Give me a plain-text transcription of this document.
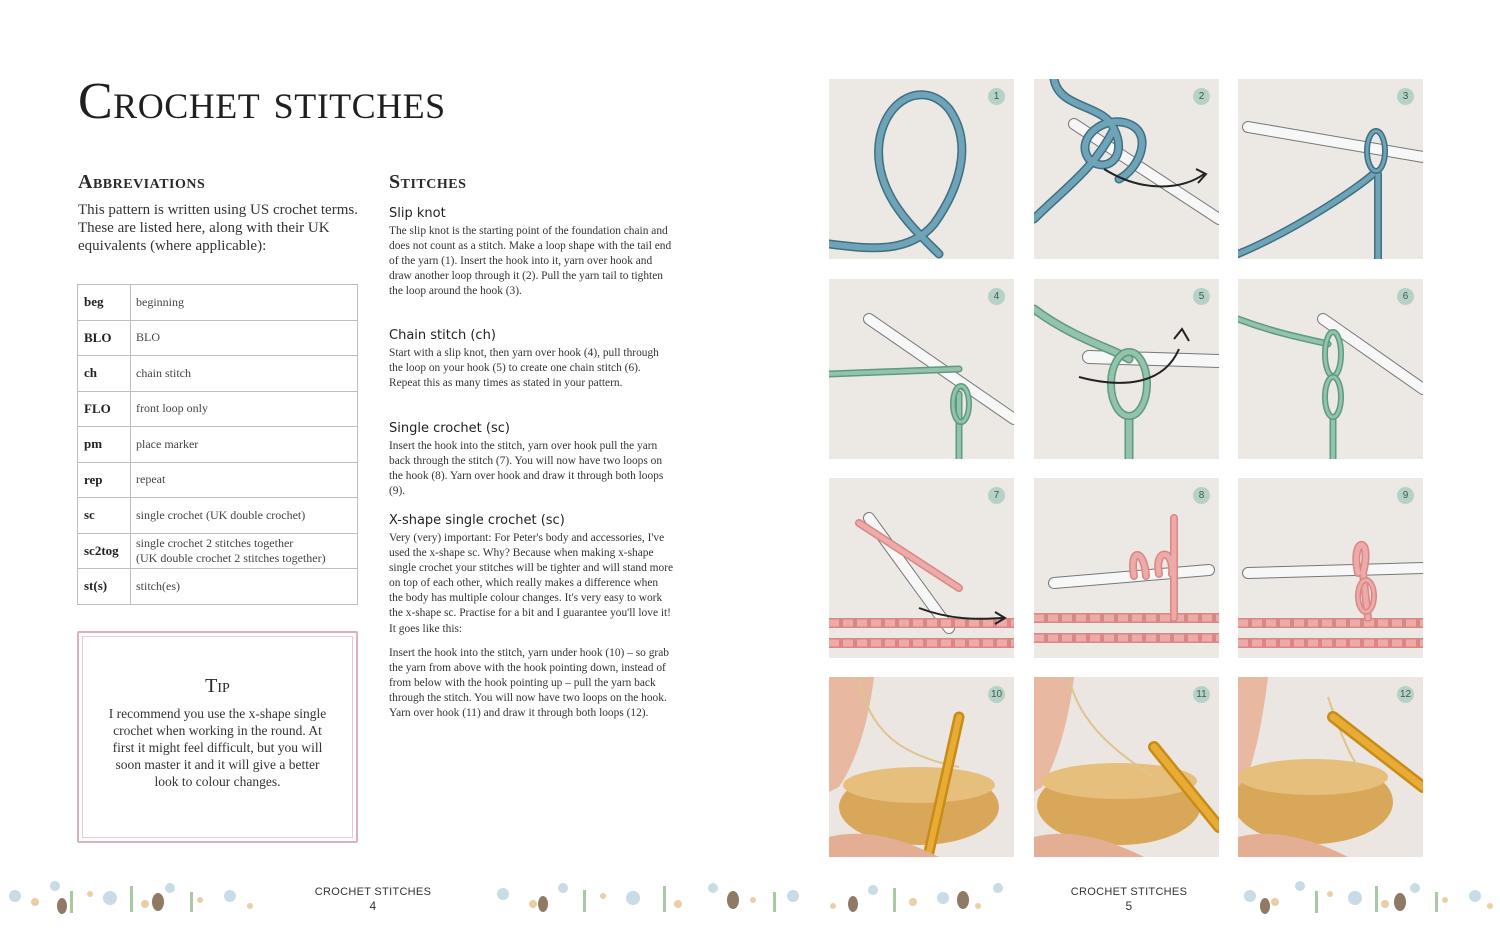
Crochet stitches
Abbreviations

This pattern is written using US crochet terms. These are listed here, along with their UK equivalents (where applicable):

beg	beginning
BLO	BLO
ch	chain stitch
FLO	front loop only
pm	place marker
rep	repeat
sc	single crochet (UK double crochet)
sc2tog	single crochet 2 stitches together
(UK double crochet 2 stitches together)
st(s)	stitch(es)
Tip

I recommend you use the x-shape single crochet when working in the round. At first it might feel difficult, but you will soon master it and it will give a better look to colour changes.

Stitches
Slip knot

The slip knot is the starting point of the foundation chain and does not count as a stitch. Make a loop shape with the tail end of the yarn (1). Insert the hook into it, yarn over hook and draw another loop through it (2). Pull the yarn tail to tighten the loop around the hook (3).

Chain stitch (ch)

Start with a slip knot, then yarn over hook (4), pull through the loop on your hook (5) to create one chain stitch (6). Repeat this as many times as stated in your pattern.

Single crochet (sc)

Insert the hook into the stitch, yarn over hook pull the yarn back through the stitch (7). You will now have two loops on the hook (8). Yarn over hook and draw it through both loops (9).

X-shape single crochet (sc)

Very (very) important: For Peter's body and accessories, I've used the x-shape sc. Why? Because when making x-shape single crochet your stitches will be tighter and will stand more on top of each other, which really makes a difference when the body has multiple colour changes. It's very easy to work the x-shape sc. Practise for a bit and I guarantee you'll love it! It goes like this:

Insert the hook into the stitch, yarn under hook (10) – so grab the yarn from above with the hook pointing down, instead of from below with the hook pointing up – pull the yarn back through the stitch. You will now have two loops on the hook. Yarn over hook (11) and draw it through both loops (12).

1	2	3
4	5	6
7	8	9
10	11	12
CROCHET STITCHES
4
CROCHET STITCHES
5
